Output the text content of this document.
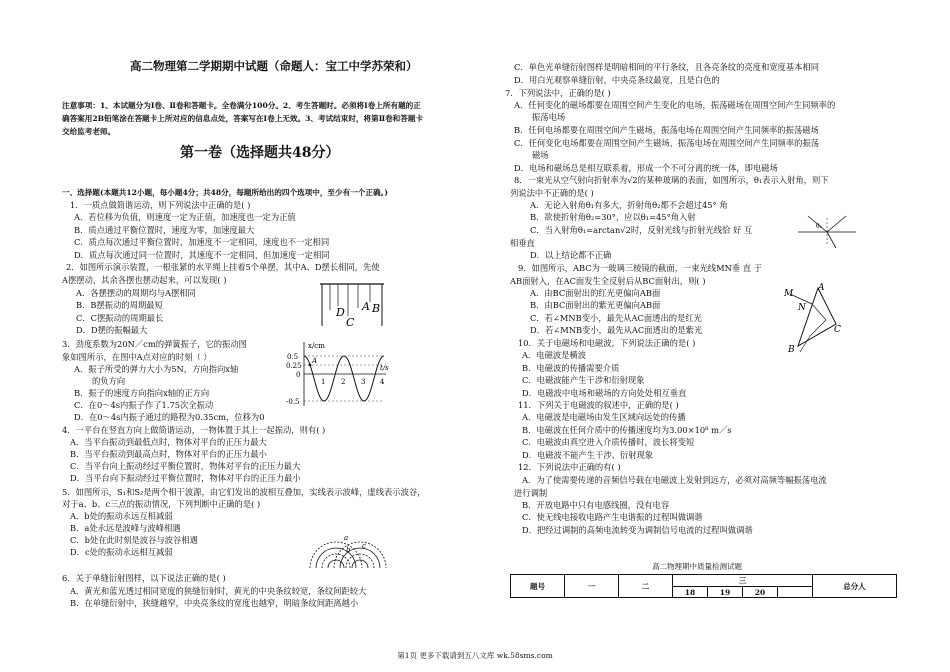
高二物理第二学期期中试题（命题人：宝工中学苏荣和）
注意事项：1、本试题分为Ⅰ卷、Ⅱ卷和答题卡。全卷满分100分。2、考生答题时。必须将Ⅰ卷上所有题的正
确答案用2B铅笔涂在答题卡上所对应的信息点处，答案写在Ⅰ卷上无效。3、考试结束时，将第Ⅱ卷和答题卡
交给监考老师。
第一卷（选择题共48分）
一、选择题(本题共12小题，每小题4分；共48分，每题所给出的四个选项中，至少有一个正确。)
1．一质点做简谐运动，则下列说法中正确的是( )
A．若位移为负值，则速度一定为正值，加速度也一定为正值
B．质点通过平衡位置时，速度为零，加速度最大
C．质点每次通过平衡位置时，加速度不一定相同，速度也不一定相同
D．质点每次通过同一位置时，其速度不一定相同，但加速度一定相同
2．如图所示演示装置，一根张紧的水平绳上挂着5个单摆，其中A、D摆长相同，先使
A摆摆动，其余各摆也摆动起来，可以发现( )
A．各摆摆动的周期均与A摆相同
B．B摆振动的周期最短
C．C摆振动的周期最长
D．D摆的振幅最大
3．劲度系数为20N／cm的弹簧振子，它的振动图
象如图所示，在图中A点对应的时刻（ ）
A．振子所受的弹力大小为5N，方向指向x轴
的负方向
B．振子的速度方向指向x轴的正方向
C．在0～4s内振子作了1.75次全振动
D．在0～4s内振子通过的路程为0.35cm，位移为0
4．一平台在竖直方向上做简谐运动，一物体置于其上一起振动，则有( )
A．当平台振动到最低点时，物体对平台的正压力最大
B．当平台振动到最高点时，物体对平台的正压力最小
C．当平台向上振动经过平衡位置时，物体对平台的正压力最大
D．当平台向下振动经过平衡位置时，物体对平台的正压力最小
5．如图所示，S₁和S₂是两个相干波源，由它们发出的波相互叠加，实线表示波峰，虚线表示波谷，
对于a、b、c三点的振动情况，下列判断中正确的是( )
A．b处的振动永远互相减弱
B．a处永远是波峰与波峰相遇
C．b处在此时刻是波谷与波谷相遇
D．c处的振动永远相互减弱
6．关于单缝衍射图样，以下说法正确的是( )
A．黄光和蓝光透过相同宽度的狭缝衍射时，黄光的中央条纹较宽，条纹间距较大
B．在单缝衍射中，狭缝越窄，中央亮条纹的宽度也越窄，明暗条纹间距离越小
D A B
C
x/cm
t/s
0.5
0.25
0
-0.5
1 2 3 4
A
a
b c
C．单色光单缝衍射图样是明暗相间的平行条纹，且各亮条纹的亮度和宽度基本相同
D．用白光观察单缝衍射，中央亮条纹最宽，且是白色的
7．下列说法中，正确的是( )
A．任何变化的磁场都要在周围空间产生变化的电场，振荡磁场在周围空间产生同频率的
振荡电场
B．任何电场都要在周围空间产生磁场，振荡电场在周围空间产生同频率的振荡磁场
C．任何变化电场都要在周围空间产生磁场，振荡电场在周围空间产生同频率的振荡
磁场
D．电场和磁场总是相互联系着，形成一个不可分离的统一体，即电磁场
8．一束光从空气射向折射率为√2的某种玻璃的表面，如图所示，θ₁表示入射角，则下
列说法中不正确的是( )
A．无论入射角θ₁有多大，折射角θ₂都不会超过45° 角
B．欲使折射角θ₂=30°，应以θ₁=45°角入射
C．当入射角θ₁=arctan√2时，反射光线与折射光线恰 好 互
相垂直
D．以上结论都不正确
9．如图所示，ABC为一玻璃三棱镜的截面，一束光线MN垂 直 于
AB面射入，在AC面发生全反射后从BC面射出，则( )
A．由BC面射出的红光更偏向AB面
B．由BC面射出的紫光更偏向AB面
C．若∠MNB变小，最先从AC面透出的是红光
D．若∠MNB变小，最先从AC面透出的是紫光
10．关于电磁场和电磁波，下列说法正确的是( )
A．电磁波是横波
B．电磁波的传播需要介质
C．电磁波能产生干涉和衍射现象
D．电磁波中电场和磁场的方向处处相互垂直
11．下列关于电磁波的叙述中，正确的是( )
A．电磁波是电磁场由发生区域向远处的传播
B．电磁波在任何介质中的传播速度均为3.00×10⁸ m／s
C．电磁波由真空进入介质传播时，波长将变短
D．电磁波不能产生干涉、衍射现象
12．下列说法中正确的有( )
A．为了使需要传递的音频信号载在电磁波上发射到远方，必须对高频等幅振荡电流
进行调制
B．开放电路中只有电感线圈，没有电容
C．使无线电接收电路产生电谐振的过程叫做调谐
D．把经过调制的高频电流转变为调制信号电流的过程叫做调谐
θ₁
M
N
A
B
C
高二物理期中质量检测试题
题号	一	二	三				总分人
			18	19	20		
第1页 更多下载请到五八文库 wk.58sms.com
